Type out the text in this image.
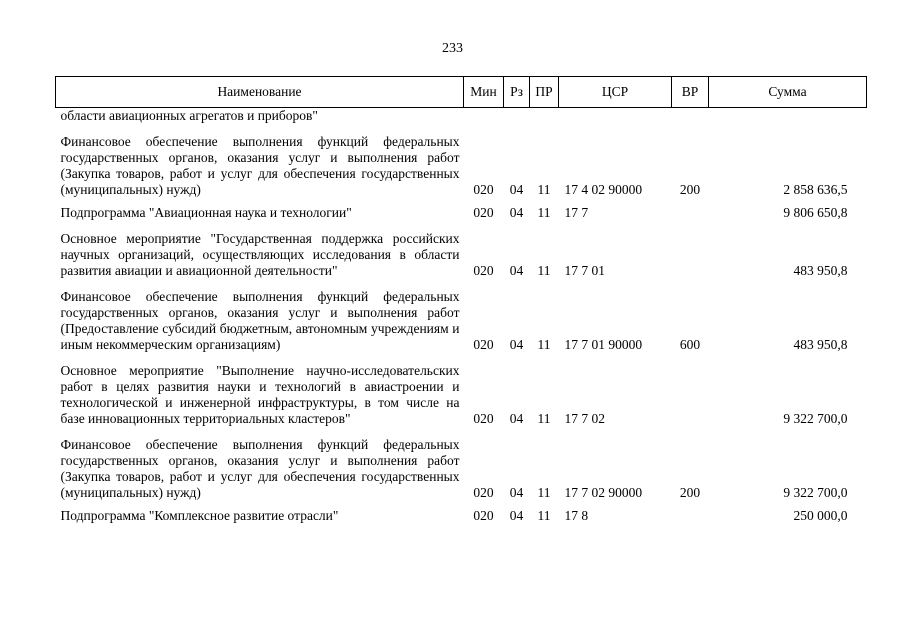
233
Наименование	Мин	Рз	ПР	ЦСР	ВР	Сумма
области авиационных агрегатов и приборов"						
Финансовое обеспечение выполнения функций федеральных государственных органов, оказания услуг и выполнения работ (Закупка товаров, работ и услуг для обеспечения государственных (муниципальных) нужд)	020	04	11	17 4 02 90000	200	2 858 636,5
Подпрограмма "Авиационная наука и технологии"	020	04	11	17 7		9 806 650,8
Основное мероприятие "Государственная поддержка российских научных организаций, осуществляющих исследования в области развития авиации и авиационной деятельности"	020	04	11	17 7 01		483 950,8
Финансовое обеспечение выполнения функций федеральных государственных органов, оказания услуг и выполнения работ (Предоставление субсидий бюджетным, автономным учреждениям и иным некоммерческим организациям)	020	04	11	17 7 01 90000	600	483 950,8
Основное мероприятие "Выполнение научно-исследовательских работ в целях развития науки и технологий в авиастроении и технологической и инженерной инфраструктуры, в том числе на базе инновационных территориальных кластеров"	020	04	11	17 7 02		9 322 700,0
Финансовое обеспечение выполнения функций федеральных государственных органов, оказания услуг и выполнения работ (Закупка товаров, работ и услуг для обеспечения государственных (муниципальных) нужд)	020	04	11	17 7 02 90000	200	9 322 700,0
Подпрограмма "Комплексное развитие отрасли"	020	04	11	17 8		250 000,0
